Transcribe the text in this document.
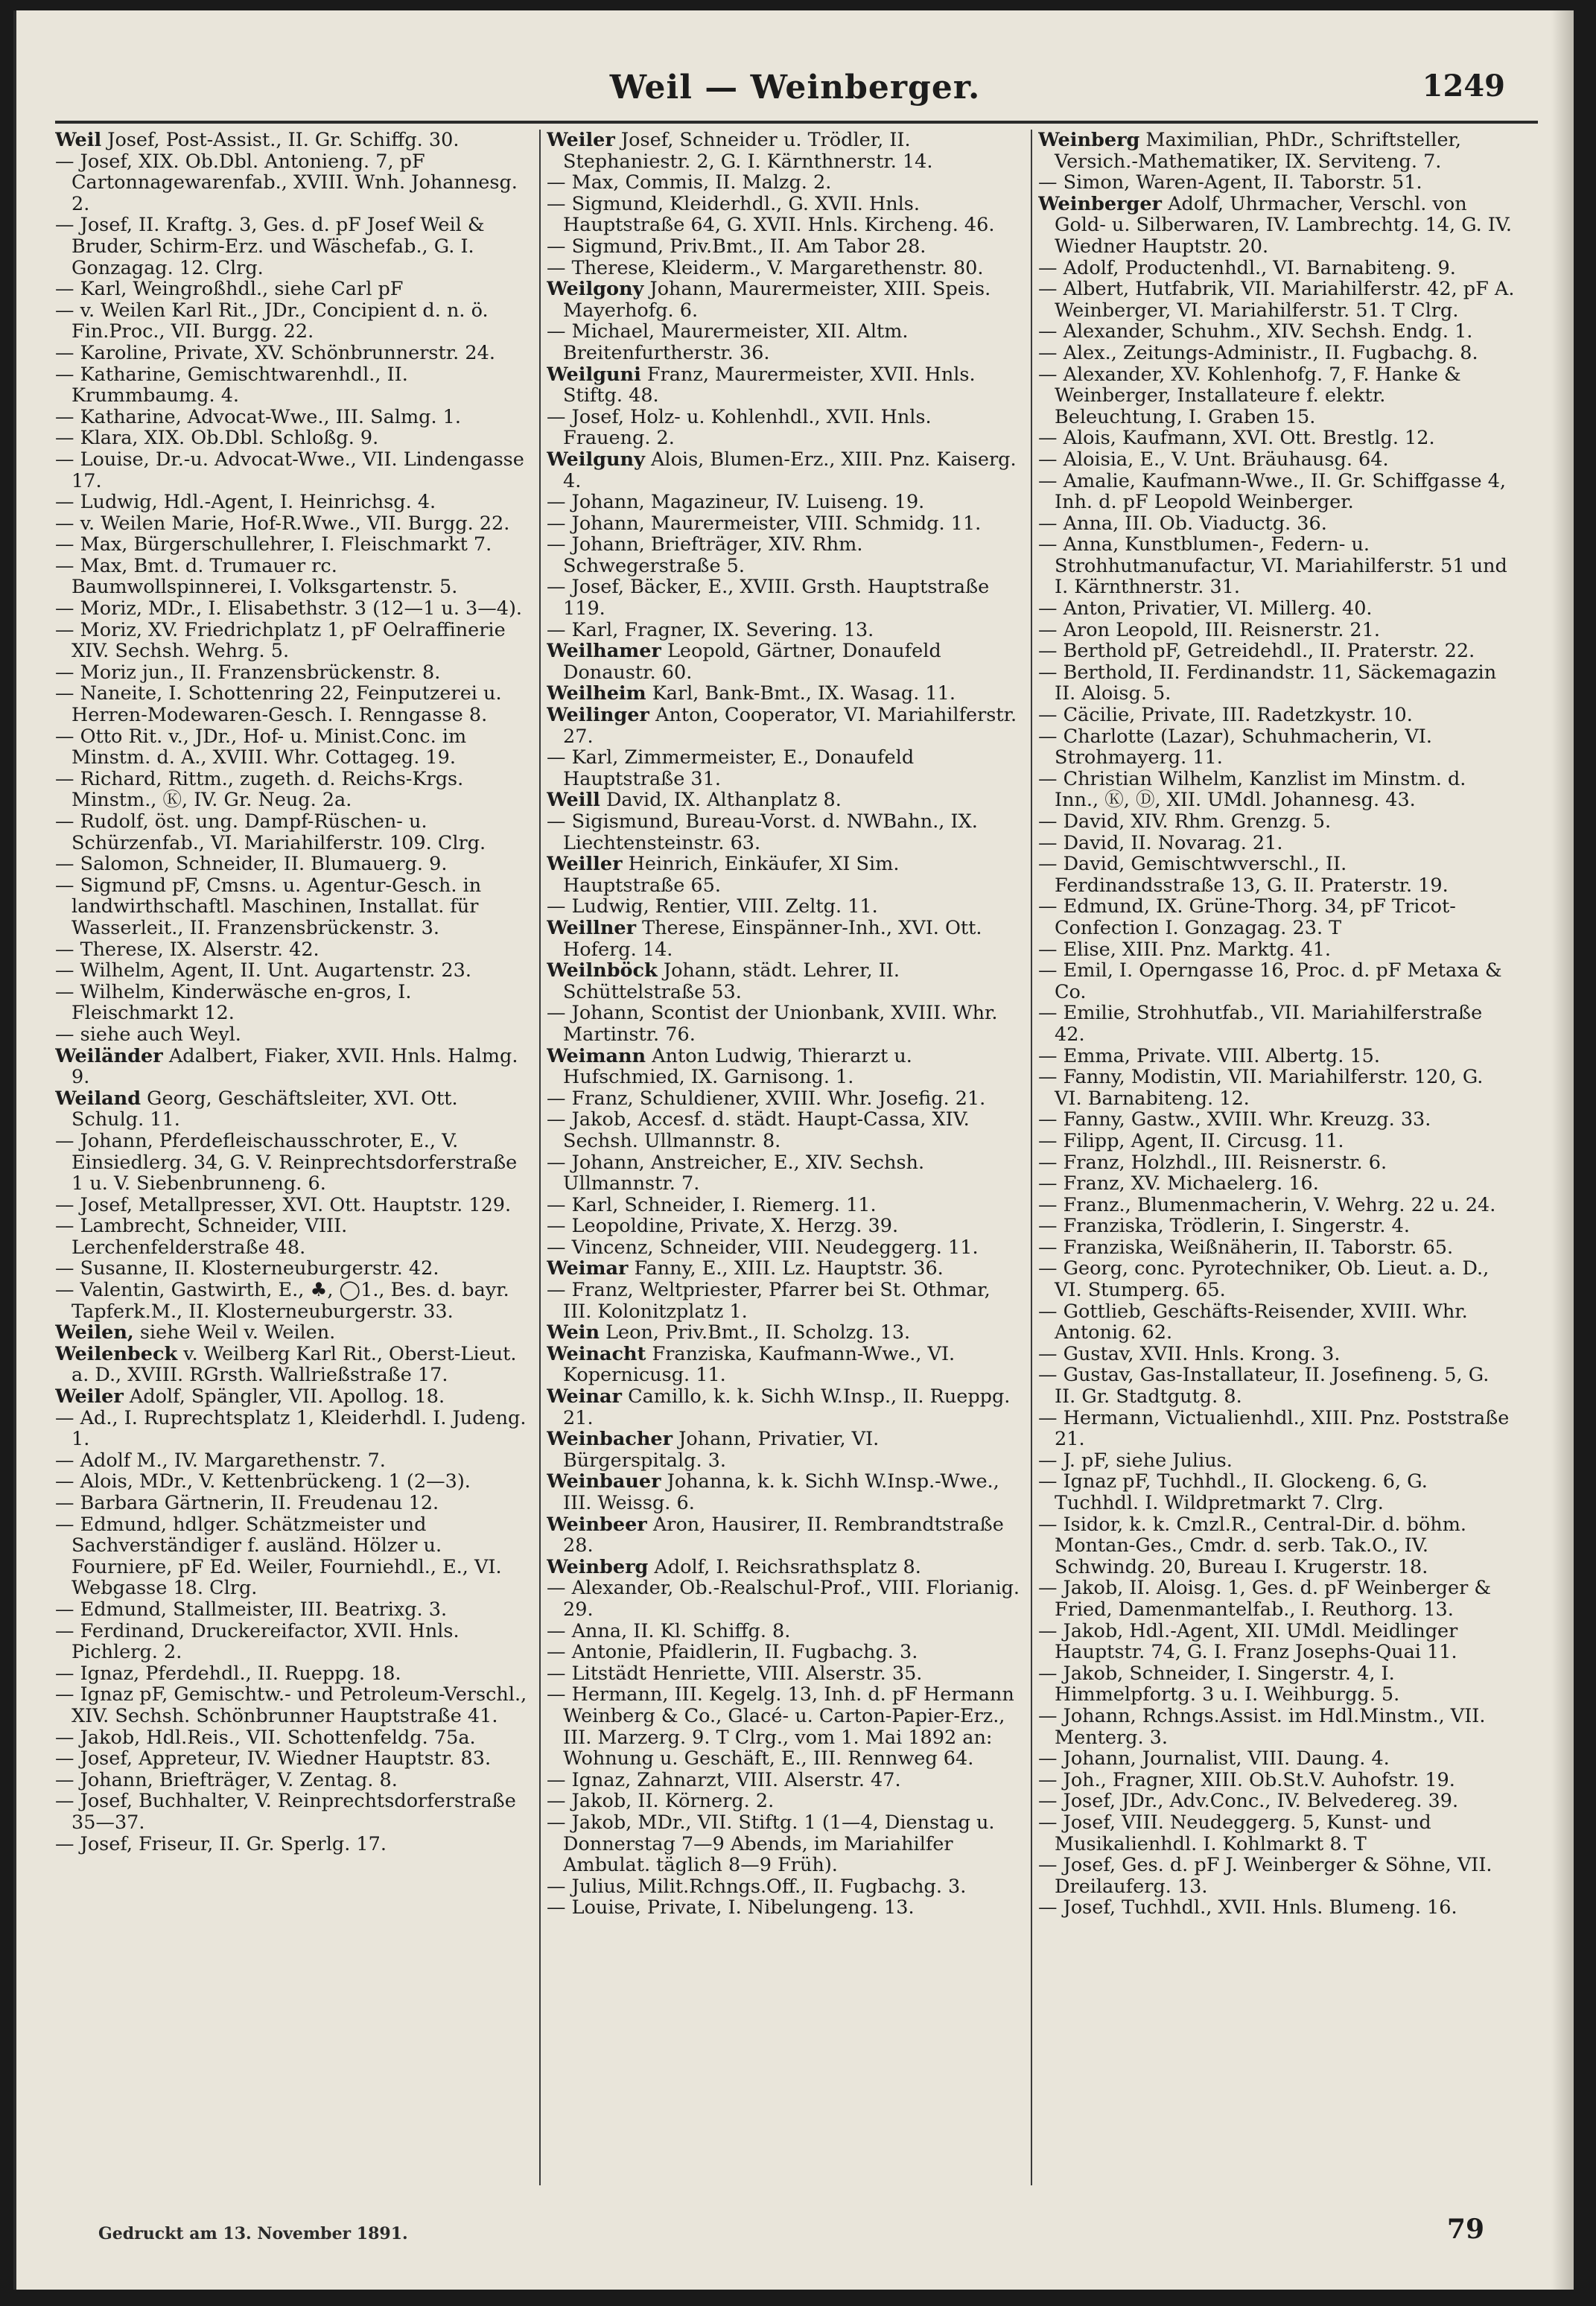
Weil — Weinberger.	1249

Weil Josef, Post-Assist., II. Gr. Schiffg. 30.

— Josef, XIX. Ob.Dbl. Antonieng. 7, pF Cartonnagewarenfab., XVIII. Wnh. Johannesg. 2.

— Josef, II. Kraftg. 3, Ges. d. pF Josef Weil & Bruder, Schirm-Erz. und Wäschefab., G. I. Gonzagag. 12. Clrg.

— Karl, Weingroßhdl., siehe Carl pF

— v. Weilen Karl Rit., JDr., Concipient d. n. ö. Fin.Proc., VII. Burgg. 22.

— Karoline, Private, XV. Schönbrunnerstr. 24.

— Katharine, Gemischtwarenhdl., II. Krummbaumg. 4.

— Katharine, Advocat-Wwe., III. Salmg. 1.

— Klara, XIX. Ob.Dbl. Schloßg. 9.

— Louise, Dr.-u. Advocat-Wwe., VII. Lindengasse 17.

— Ludwig, Hdl.-Agent, I. Heinrichsg. 4.

— v. Weilen Marie, Hof-R.Wwe., VII. Burgg. 22.

— Max, Bürgerschullehrer, I. Fleischmarkt 7.

— Max, Bmt. d. Trumauer rc. Baumwollspinnerei, I. Volksgartenstr. 5.

— Moriz, MDr., I. Elisabethstr. 3 (12—1 u. 3—4).

— Moriz, XV. Friedrichplatz 1, pF Oelraffinerie XIV. Sechsh. Wehrg. 5.

— Moriz jun., II. Franzensbrückenstr. 8.

— Naneite, I. Schottenring 22, Feinputzerei u. Herren-Modewaren-Gesch. I. Renngasse 8.

— Otto Rit. v., JDr., Hof- u. Minist.Conc. im Minstm. d. A., XVIII. Whr. Cottageg. 19.

— Richard, Rittm., zugeth. d. Reichs-Krgs. Minstm., Ⓚ, IV. Gr. Neug. 2a.

— Rudolf, öst. ung. Dampf-Rüschen- u. Schürzenfab., VI. Mariahilferstr. 109. Clrg.

— Salomon, Schneider, II. Blumauerg. 9.

— Sigmund pF, Cmsns. u. Agentur-Gesch. in landwirthschaftl. Maschinen, Installat. für Wasserleit., II. Franzensbrückenstr. 3.

— Therese, IX. Alserstr. 42.

— Wilhelm, Agent, II. Unt. Augartenstr. 23.

— Wilhelm, Kinderwäsche en-gros, I. Fleischmarkt 12.

— siehe auch Weyl.

Weiländer Adalbert, Fiaker, XVII. Hnls. Halmg. 9.

Weiland Georg, Geschäftsleiter, XVI. Ott. Schulg. 11.

— Johann, Pferdefleischausschroter, E., V. Einsiedlerg. 34, G. V. Reinprechtsdorferstraße 1 u. V. Siebenbrunneng. 6.

— Josef, Metallpresser, XVI. Ott. Hauptstr. 129.

— Lambrecht, Schneider, VIII. Lerchenfelderstraße 48.

— Susanne, II. Klosterneuburgerstr. 42.

— Valentin, Gastwirth, E., ♣, ◯1., Bes. d. bayr. Tapferk.M., II. Klosterneuburgerstr. 33.

Weilen, siehe Weil v. Weilen.

Weilenbeck v. Weilberg Karl Rit., Oberst-Lieut. a. D., XVIII. RGrsth. Wallrießstraße 17.

Weiler Adolf, Spängler, VII. Apollog. 18.

— Ad., I. Ruprechtsplatz 1, Kleiderhdl. I. Judeng. 1.

— Adolf M., IV. Margarethenstr. 7.

— Alois, MDr., V. Kettenbrückeng. 1 (2—3).

— Barbara Gärtnerin, II. Freudenau 12.

— Edmund, hdlger. Schätzmeister und Sachverständiger f. ausländ. Hölzer u. Fourniere, pF Ed. Weiler, Fourniehdl., E., VI. Webgasse 18. Clrg.

— Edmund, Stallmeister, III. Beatrixg. 3.

— Ferdinand, Druckereifactor, XVII. Hnls. Pichlerg. 2.

— Ignaz, Pferdehdl., II. Rueppg. 18.

— Ignaz pF, Gemischtw.- und Petroleum-Verschl., XIV. Sechsh. Schönbrunner Hauptstraße 41.

— Jakob, Hdl.Reis., VII. Schottenfeldg. 75a.

— Josef, Appreteur, IV. Wiedner Hauptstr. 83.

— Johann, Briefträger, V. Zentag. 8.

— Josef, Buchhalter, V. Reinprechtsdorferstraße 35—37.

— Josef, Friseur, II. Gr. Sperlg. 17.

Weiler Josef, Schneider u. Trödler, II. Stephaniestr. 2, G. I. Kärnthnerstr. 14.

— Max, Commis, II. Malzg. 2.

— Sigmund, Kleiderhdl., G. XVII. Hnls. Hauptstraße 64, G. XVII. Hnls. Kircheng. 46.

— Sigmund, Priv.Bmt., II. Am Tabor 28.

— Therese, Kleiderm., V. Margarethenstr. 80.

Weilgony Johann, Maurermeister, XIII. Speis. Mayerhofg. 6.

— Michael, Maurermeister, XII. Altm. Breitenfurtherstr. 36.

Weilguni Franz, Maurermeister, XVII. Hnls. Stiftg. 48.

— Josef, Holz- u. Kohlenhdl., XVII. Hnls. Fraueng. 2.

Weilguny Alois, Blumen-Erz., XIII. Pnz. Kaiserg. 4.

— Johann, Magazineur, IV. Luiseng. 19.

— Johann, Maurermeister, VIII. Schmidg. 11.

— Johann, Briefträger, XIV. Rhm. Schwegerstraße 5.

— Josef, Bäcker, E., XVIII. Grsth. Hauptstraße 119.

— Karl, Fragner, IX. Severing. 13.

Weilhamer Leopold, Gärtner, Donaufeld Donaustr. 60.

Weilheim Karl, Bank-Bmt., IX. Wasag. 11.

Weilinger Anton, Cooperator, VI. Mariahilferstr. 27.

— Karl, Zimmermeister, E., Donaufeld Hauptstraße 31.

Weill David, IX. Althanplatz 8.

— Sigismund, Bureau-Vorst. d. NWBahn., IX. Liechtensteinstr. 63.

Weiller Heinrich, Einkäufer, XI Sim. Hauptstraße 65.

— Ludwig, Rentier, VIII. Zeltg. 11.

Weillner Therese, Einspänner-Inh., XVI. Ott. Hoferg. 14.

Weilnböck Johann, städt. Lehrer, II. Schüttelstraße 53.

— Johann, Scontist der Unionbank, XVIII. Whr. Martinstr. 76.

Weimann Anton Ludwig, Thierarzt u. Hufschmied, IX. Garnisong. 1.

— Franz, Schuldiener, XVIII. Whr. Josefig. 21.

— Jakob, Accesf. d. städt. Haupt-Cassa, XIV. Sechsh. Ullmannstr. 8.

— Johann, Anstreicher, E., XIV. Sechsh. Ullmannstr. 7.

— Karl, Schneider, I. Riemerg. 11.

— Leopoldine, Private, X. Herzg. 39.

— Vincenz, Schneider, VIII. Neudeggerg. 11.

Weimar Fanny, E., XIII. Lz. Hauptstr. 36.

— Franz, Weltpriester, Pfarrer bei St. Othmar, III. Kolonitzplatz 1.

Wein Leon, Priv.Bmt., II. Scholzg. 13.

Weinacht Franziska, Kaufmann-Wwe., VI. Kopernicusg. 11.

Weinar Camillo, k. k. Sichh W.Insp., II. Rueppg. 21.

Weinbacher Johann, Privatier, VI. Bürgerspitalg. 3.

Weinbauer Johanna, k. k. Sichh W.Insp.-Wwe., III. Weissg. 6.

Weinbeer Aron, Hausirer, II. Rembrandtstraße 28.

Weinberg Adolf, I. Reichsrathsplatz 8.

— Alexander, Ob.-Realschul-Prof., VIII. Florianig. 29.

— Anna, II. Kl. Schiffg. 8.

— Antonie, Pfaidlerin, II. Fugbachg. 3.

— Litstädt Henriette, VIII. Alserstr. 35.

— Hermann, III. Kegelg. 13, Inh. d. pF Hermann Weinberg & Co., Glacé- u. Carton-Papier-Erz., III. Marzerg. 9. T Clrg., vom 1. Mai 1892 an: Wohnung u. Geschäft, E., III. Rennweg 64.

— Ignaz, Zahnarzt, VIII. Alserstr. 47.

— Jakob, II. Körnerg. 2.

— Jakob, MDr., VII. Stiftg. 1 (1—4, Dienstag u. Donnerstag 7—9 Abends, im Mariahilfer Ambulat. täglich 8—9 Früh).

— Julius, Milit.Rchngs.Off., II. Fugbachg. 3.

— Louise, Private, I. Nibelungeng. 13.

Weinberg Maximilian, PhDr., Schriftsteller, Versich.-Mathematiker, IX. Serviteng. 7.

— Simon, Waren-Agent, II. Taborstr. 51.

Weinberger Adolf, Uhrmacher, Verschl. von Gold- u. Silberwaren, IV. Lambrechtg. 14, G. IV. Wiedner Hauptstr. 20.

— Adolf, Productenhdl., VI. Barnabiteng. 9.

— Albert, Hutfabrik, VII. Mariahilferstr. 42, pF A. Weinberger, VI. Mariahilferstr. 51. T Clrg.

— Alexander, Schuhm., XIV. Sechsh. Endg. 1.

— Alex., Zeitungs-Administr., II. Fugbachg. 8.

— Alexander, XV. Kohlenhofg. 7, F. Hanke & Weinberger, Installateure f. elektr. Beleuchtung, I. Graben 15.

— Alois, Kaufmann, XVI. Ott. Brestlg. 12.

— Aloisia, E., V. Unt. Bräuhausg. 64.

— Amalie, Kaufmann-Wwe., II. Gr. Schiffgasse 4, Inh. d. pF Leopold Weinberger.

— Anna, III. Ob. Viaductg. 36.

— Anna, Kunstblumen-, Federn- u. Strohhutmanufactur, VI. Mariahilferstr. 51 und I. Kärnthnerstr. 31.

— Anton, Privatier, VI. Millerg. 40.

— Aron Leopold, III. Reisnerstr. 21.

— Berthold pF, Getreidehdl., II. Praterstr. 22.

— Berthold, II. Ferdinandstr. 11, Säckemagazin II. Aloisg. 5.

— Cäcilie, Private, III. Radetzkystr. 10.

— Charlotte (Lazar), Schuhmacherin, VI. Strohmayerg. 11.

— Christian Wilhelm, Kanzlist im Minstm. d. Inn., Ⓚ, Ⓓ, XII. UMdl. Johannesg. 43.

— David, XIV. Rhm. Grenzg. 5.

— David, II. Novarag. 21.

— David, Gemischtwverschl., II. Ferdinandsstraße 13, G. II. Praterstr. 19.

— Edmund, IX. Grüne-Thorg. 34, pF Tricot-Confection I. Gonzagag. 23. T

— Elise, XIII. Pnz. Marktg. 41.

— Emil, I. Operngasse 16, Proc. d. pF Metaxa & Co.

— Emilie, Strohhutfab., VII. Mariahilferstraße 42.

— Emma, Private. VIII. Albertg. 15.

— Fanny, Modistin, VII. Mariahilferstr. 120, G. VI. Barnabiteng. 12.

— Fanny, Gastw., XVIII. Whr. Kreuzg. 33.

— Filipp, Agent, II. Circusg. 11.

— Franz, Holzhdl., III. Reisnerstr. 6.

— Franz, XV. Michaelerg. 16.

— Franz., Blumenmacherin, V. Wehrg. 22 u. 24.

— Franziska, Trödlerin, I. Singerstr. 4.

— Franziska, Weißnäherin, II. Taborstr. 65.

— Georg, conc. Pyrotechniker, Ob. Lieut. a. D., VI. Stumperg. 65.

— Gottlieb, Geschäfts-Reisender, XVIII. Whr. Antonig. 62.

— Gustav, XVII. Hnls. Krong. 3.

— Gustav, Gas-Installateur, II. Josefineng. 5, G. II. Gr. Stadtgutg. 8.

— Hermann, Victualienhdl., XIII. Pnz. Poststraße 21.

— J. pF, siehe Julius.

— Ignaz pF, Tuchhdl., II. Glockeng. 6, G. Tuchhdl. I. Wildpretmarkt 7. Clrg.

— Isidor, k. k. Cmzl.R., Central-Dir. d. böhm. Montan-Ges., Cmdr. d. serb. Tak.O., IV. Schwindg. 20, Bureau I. Krugerstr. 18.

— Jakob, II. Aloisg. 1, Ges. d. pF Weinberger & Fried, Damenmantelfab., I. Reuthorg. 13.

— Jakob, Hdl.-Agent, XII. UMdl. Meidlinger Hauptstr. 74, G. I. Franz Josephs-Quai 11.

— Jakob, Schneider, I. Singerstr. 4, I. Himmelpfortg. 3 u. I. Weihburgg. 5.

— Johann, Rchngs.Assist. im Hdl.Minstm., VII. Menterg. 3.

— Johann, Journalist, VIII. Daung. 4.

— Joh., Fragner, XIII. Ob.St.V. Auhofstr. 19.

— Josef, JDr., Adv.Conc., IV. Belvedereg. 39.

— Josef, VIII. Neudeggerg. 5, Kunst- und Musikalienhdl. I. Kohlmarkt 8. T

— Josef, Ges. d. pF J. Weinberger & Söhne, VII. Dreilauferg. 13.

— Josef, Tuchhdl., XVII. Hnls. Blumeng. 16.

Gedruckt am 13. November 1891.	79
